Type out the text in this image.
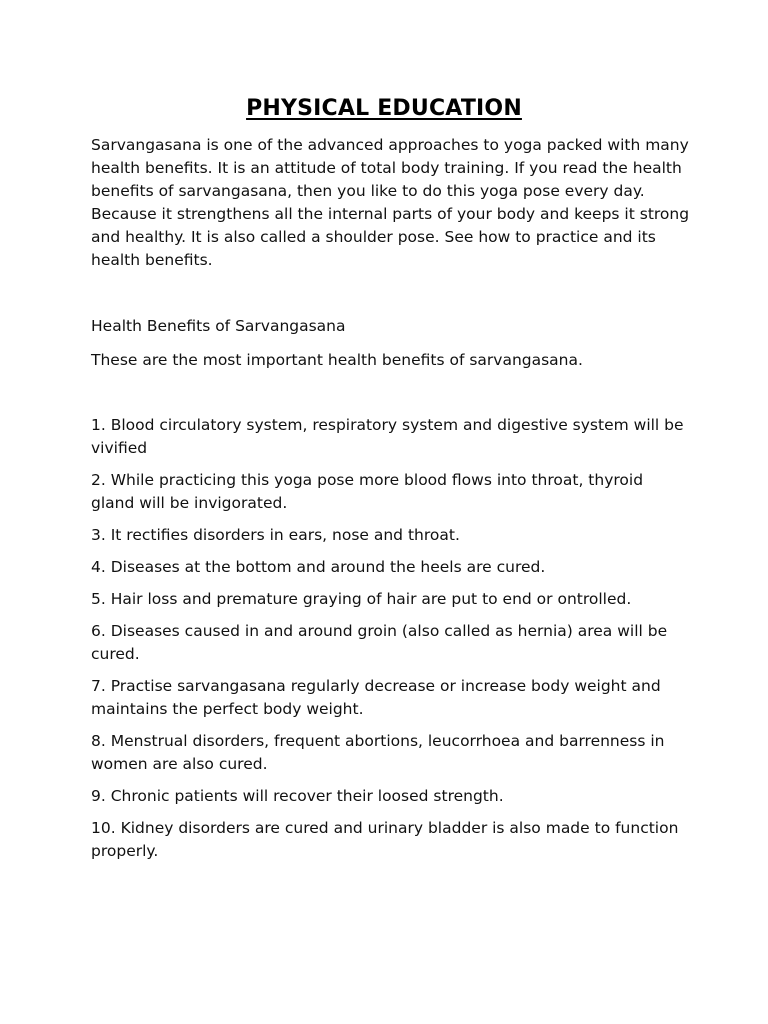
PHYSICAL EDUCATION

Sarvangasana is one of the advanced approaches to yoga packed with many health benefits. It is an attitude of total body training. If you read the health benefits of sarvangasana, then you like to do this yoga pose every day. Because it strengthens all the internal parts of your body and keeps it strong and healthy. It is also called a shoulder pose. See how to practice and its health benefits.

Health Benefits of Sarvangasana

These are the most important health benefits of sarvangasana.

1. Blood circulatory system, respiratory system and digestive system will be vivified
2. While practicing this yoga pose more blood flows into throat, thyroid gland will be invigorated.
3. It rectifies disorders in ears, nose and throat.
4. Diseases at the bottom and around the heels are cured.
5. Hair loss and premature graying of hair are put to end or ontrolled.
6. Diseases caused in and around groin (also called as hernia) area will be cured.
7. Practise sarvangasana regularly decrease or increase body weight and maintains the perfect body weight.
8. Menstrual disorders, frequent abortions, leucorrhoea and barrenness in women are also cured.
9. Chronic patients will recover their loosed strength.
10. Kidney disorders are cured and urinary bladder is also made to function properly.
